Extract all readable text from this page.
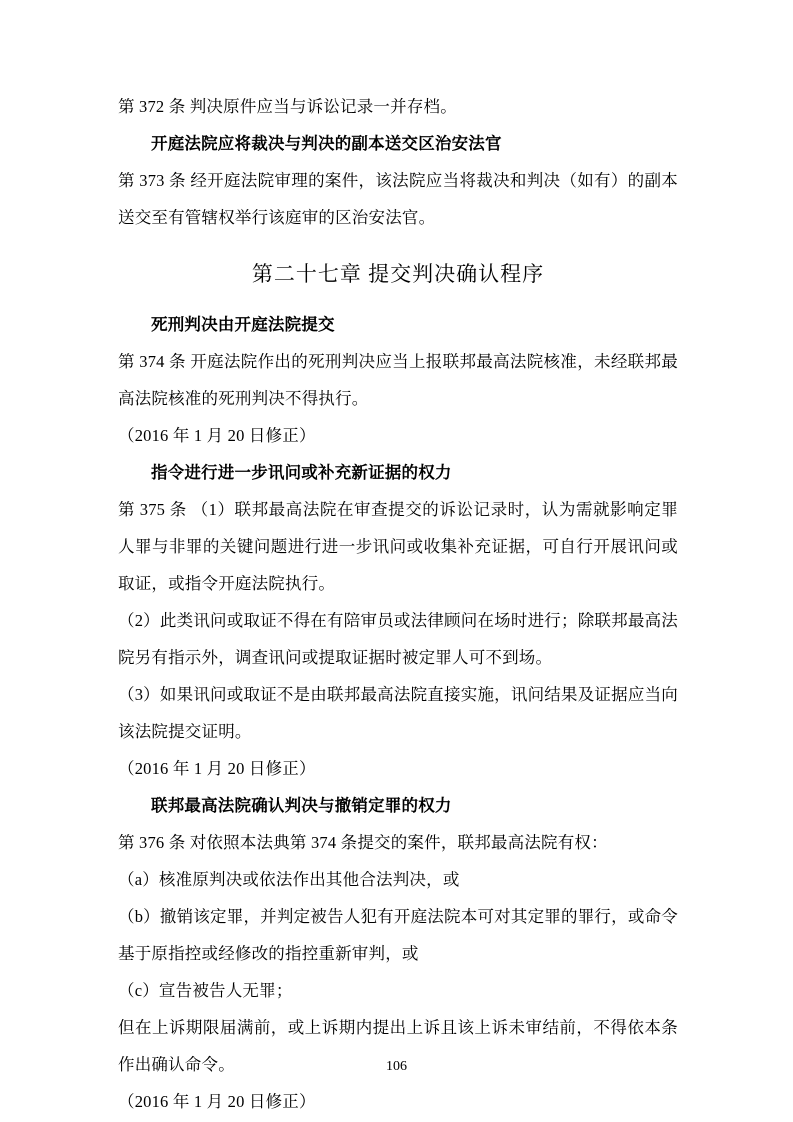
第 372 条 判决原件应当与诉讼记录一并存档。

开庭法院应将裁决与判决的副本送交区治安法官

第 373 条 经开庭法院审理的案件，该法院应当将裁决和判决（如有）的副本送交至有管辖权举行该庭审的区治安法官。

第二十七章 提交判决确认程序

死刑判决由开庭法院提交

第 374 条 开庭法院作出的死刑判决应当上报联邦最高法院核准，未经联邦最高法院核准的死刑判决不得执行。

（2016 年 1 月 20 日修正）

指令进行进一步讯问或补充新证据的权力

第 375 条 （1）联邦最高法院在审查提交的诉讼记录时，认为需就影响定罪人罪与非罪的关键问题进行进一步讯问或收集补充证据，可自行开展讯问或取证，或指令开庭法院执行。

（2）此类讯问或取证不得在有陪审员或法律顾问在场时进行；除联邦最高法院另有指示外，调查讯问或提取证据时被定罪人可不到场。

（3）如果讯问或取证不是由联邦最高法院直接实施，讯问结果及证据应当向该法院提交证明。

（2016 年 1 月 20 日修正）

联邦最高法院确认判决与撤销定罪的权力

第 376 条 对依照本法典第 374 条提交的案件，联邦最高法院有权：

（a）核准原判决或依法作出其他合法判决，或

（b）撤销该定罪，并判定被告人犯有开庭法院本可对其定罪的罪行，或命令基于原指控或经修改的指控重新审判，或

（c）宣告被告人无罪；

但在上诉期限届满前，或上诉期内提出上诉且该上诉未审结前，不得依本条作出确认命令。

（2016 年 1 月 20 日修正）

106
